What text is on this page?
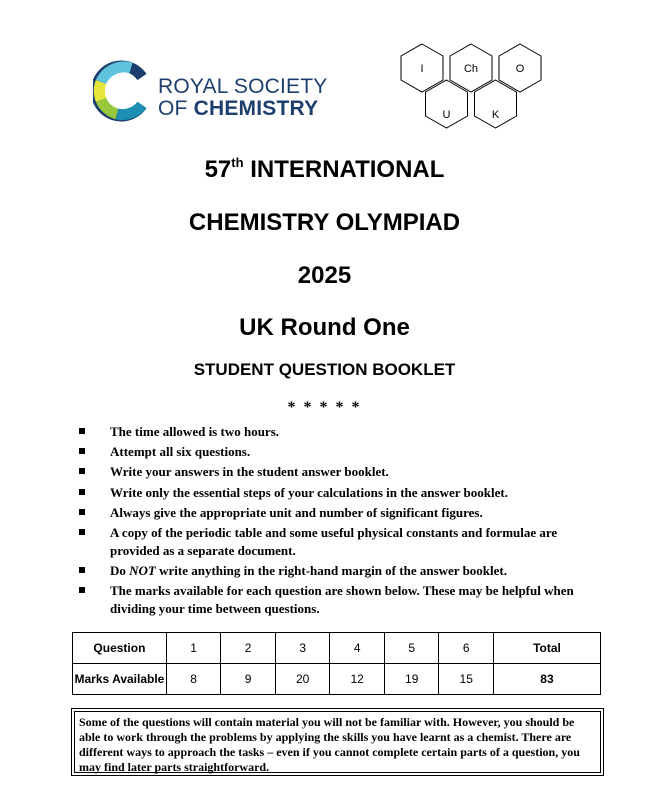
ROYAL SOCIETY
OF CHEMISTRY
I	Ch	O
U	K
57th INTERNATIONAL
CHEMISTRY OLYMPIAD
2025
UK Round One
STUDENT QUESTION BOOKLET
* * * * *
The time allowed is two hours.
Attempt all six questions.
Write your answers in the student answer booklet.
Write only the essential steps of your calculations in the answer booklet.
Always give the appropriate unit and number of significant figures.
A copy of the periodic table and some useful physical constants and formulae are provided as a separate document.
Do NOT write anything in the right-hand margin of the answer booklet.
The marks available for each question are shown below. These may be helpful when dividing your time between questions.
Question	1	2	3	4	5	6	Total
Marks Available	8	9	20	12	19	15	83
Some of the questions will contain material you will not be familiar with. However, you should be able to work through the problems by applying the skills you have learnt as a chemist. There are different ways to approach the tasks – even if you cannot complete certain parts of a question, you may find later parts straightforward.
